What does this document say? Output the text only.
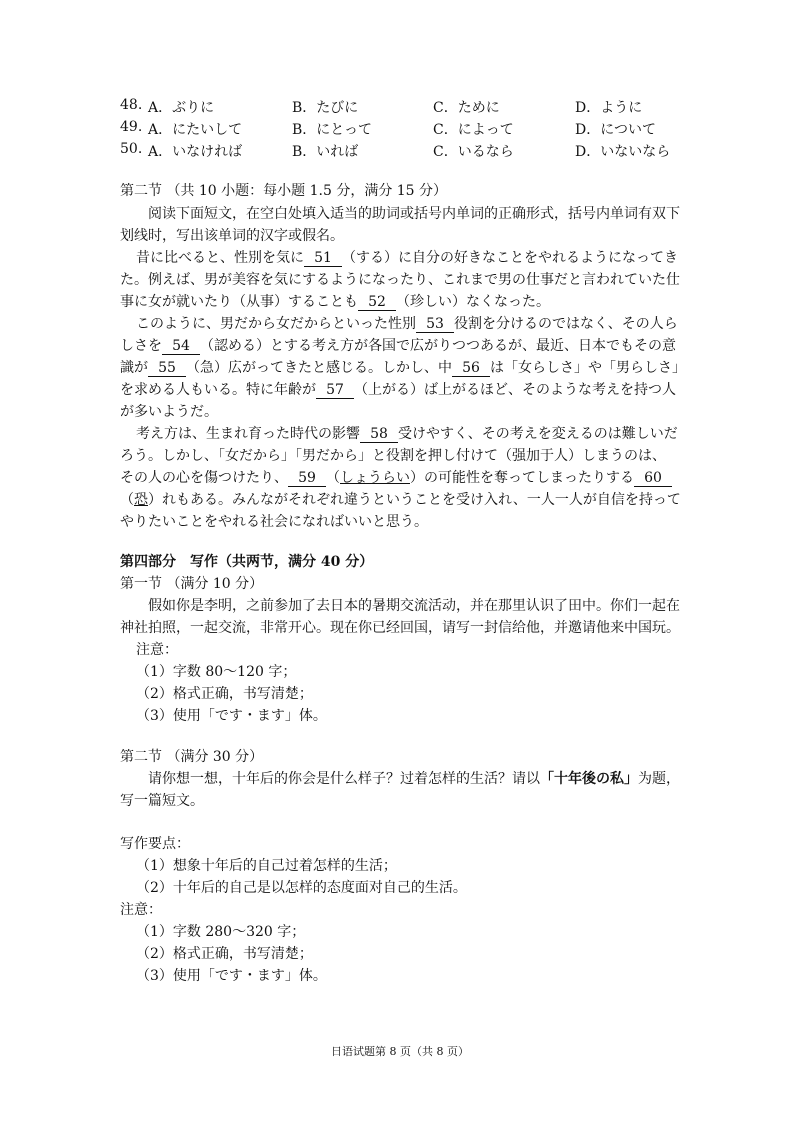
48. A．ぶりに	B．たびに	C．ために	D．ように
49. A．にたいして	B．にとって	C．によって	D．について
50. A．いなければ	B．いれば	C．いるなら	D．いないなら
第二节 （共 10 小题：每小题 1.5 分，满分 15 分）
阅读下面短文，在空白处填入适当的助词或括号内单词的正确形式，括号内单词有双下
划线时，写出该单词的汉字或假名。
昔に比べると、性別を気に 51 （する）に自分の好きなことをやれるようになってき
た。例えば、男が美容を気にするようになったり、これまで男の仕事だと言われていた仕
事に女が就いたり（从事）することも 52 （珍しい）なくなった。
このように、男だから女だからといった性別 53 役割を分けるのではなく、その人ら
しさを 54 （認める）とする考え方が各国で広がりつつあるが、最近、日本でもその意
識が 55 （急）広がってきたと感じる。しかし、中 56 は「女らしさ」や「男らしさ」
を求める人もいる。特に年齢が 57 （上がる）ば上がるほど、そのような考えを持つ人
が多いようだ。
考え方は、生まれ育った時代の影響 58 受けやすく、その考えを変えるのは難しいだ
ろう。しかし、「女だから」「男だから」と役割を押し付けて（强加于人）しまうのは、
その人の心を傷つけたり、 59 （しょうらい）の可能性を奪ってしまったりする 60
（恐）れもある。みんながそれぞれ違うということを受け入れ、一人一人が自信を持って
やりたいことをやれる社会になればいいと思う。
第四部分　写作（共两节，满分 40 分）
第一节 （满分 10 分）
假如你是李明，之前参加了去日本的暑期交流活动，并在那里认识了田中。你们一起在
神社拍照，一起交流，非常开心。现在你已经回国，请写一封信给他，并邀请他来中国玩。
注意：
（1）字数 80～120 字；
（2）格式正确，书写清楚；
（3）使用「です・ます」体。
第二节 （满分 30 分）
请你想一想，十年后的你会是什么样子？过着怎样的生活？请以「十年後の私」为题，
写一篇短文。
写作要点：
（1）想象十年后的自己过着怎样的生活；
（2）十年后的自己是以怎样的态度面对自己的生活。
注意：
（1）字数 280～320 字；
（2）格式正确，书写清楚；
（3）使用「です・ます」体。
日语试题第 8 页（共 8 页）
